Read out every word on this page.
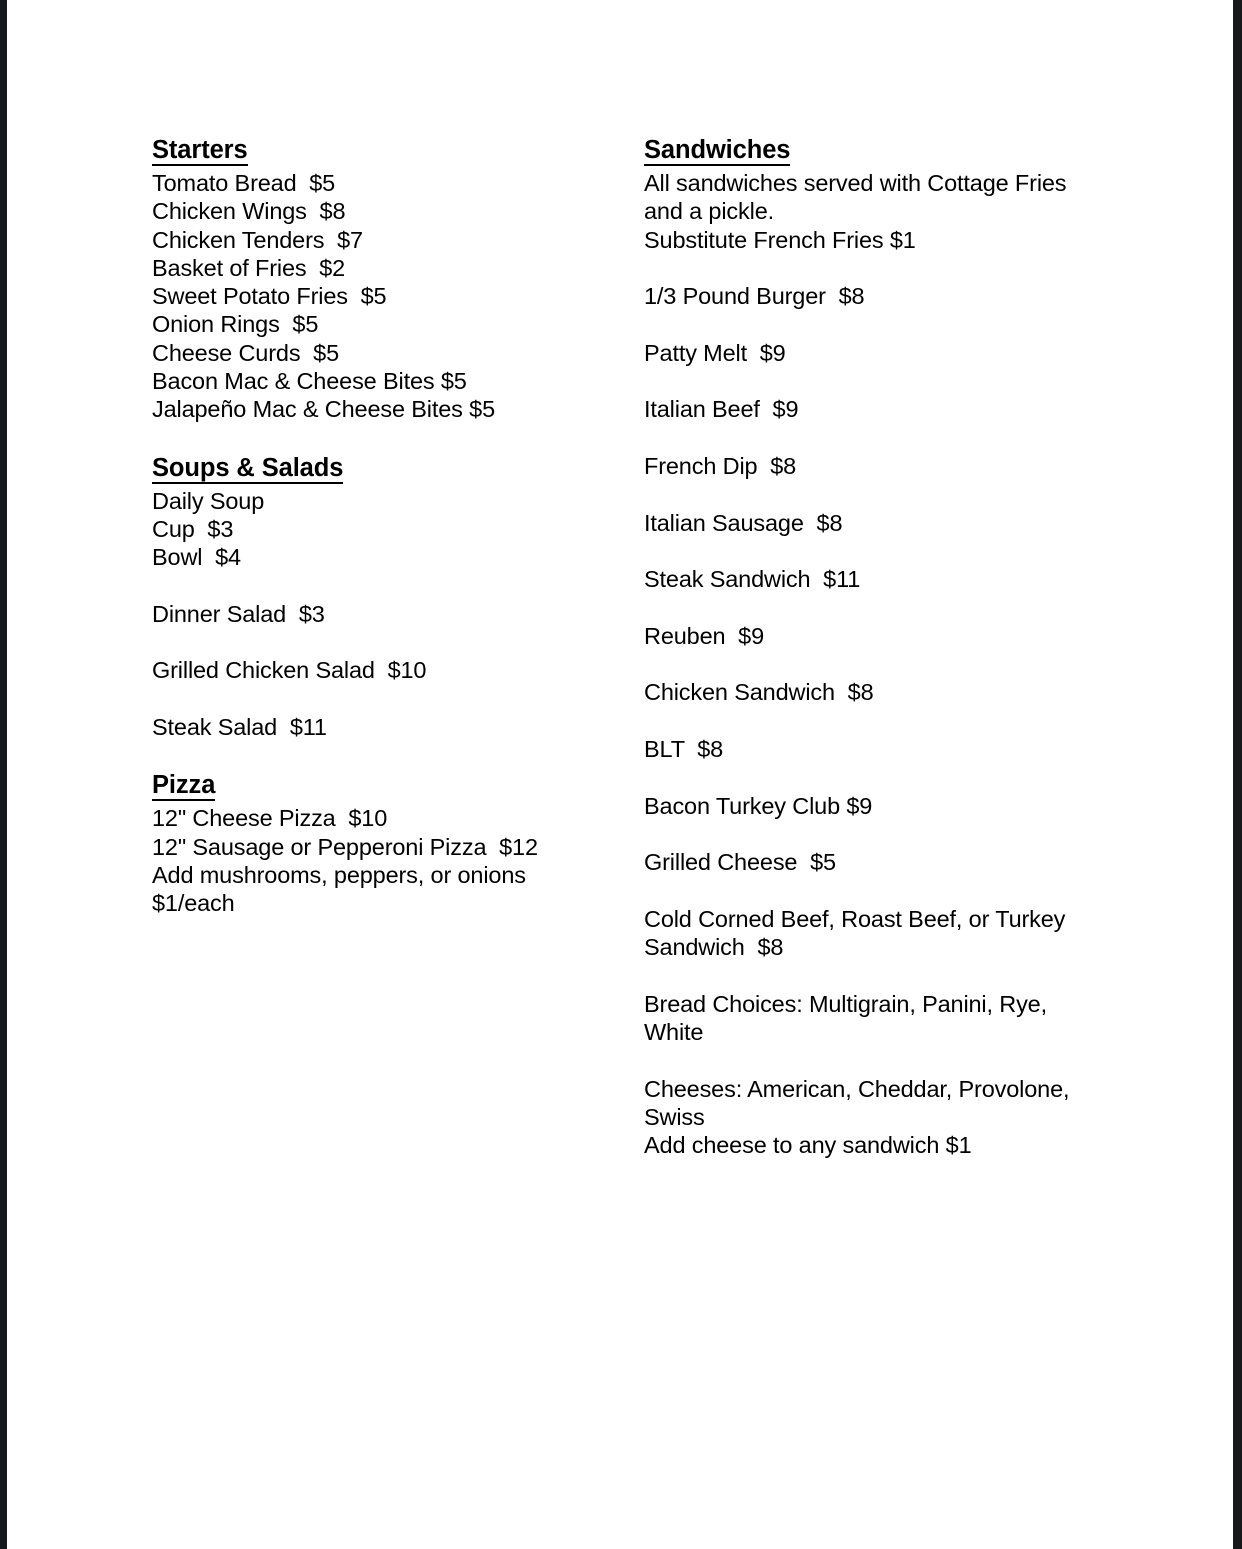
Starters
Tomato Bread  $5
Chicken Wings  $8
Chicken Tenders  $7
Basket of Fries  $2
Sweet Potato Fries  $5
Onion Rings  $5
Cheese Curds  $5
Bacon Mac & Cheese Bites $5
Jalapeño Mac & Cheese Bites $5
Soups & Salads
Daily Soup
Cup  $3
Bowl  $4

Dinner Salad  $3

Grilled Chicken Salad  $10

Steak Salad  $11
Pizza
12" Cheese Pizza  $10
12" Sausage or Pepperoni Pizza  $12
Add mushrooms, peppers, or onions  $1/each
Sandwiches
All sandwiches served with Cottage Fries and a pickle.
Substitute French Fries $1

1/3 Pound Burger  $8

Patty Melt  $9

Italian Beef  $9

French Dip  $8

Italian Sausage  $8

Steak Sandwich  $11

Reuben  $9

Chicken Sandwich  $8

BLT  $8

Bacon Turkey Club $9

Grilled Cheese  $5

Cold Corned Beef, Roast Beef, or Turkey Sandwich  $8

Bread Choices: Multigrain, Panini, Rye, White

Cheeses: American, Cheddar, Provolone, Swiss
Add cheese to any sandwich $1
